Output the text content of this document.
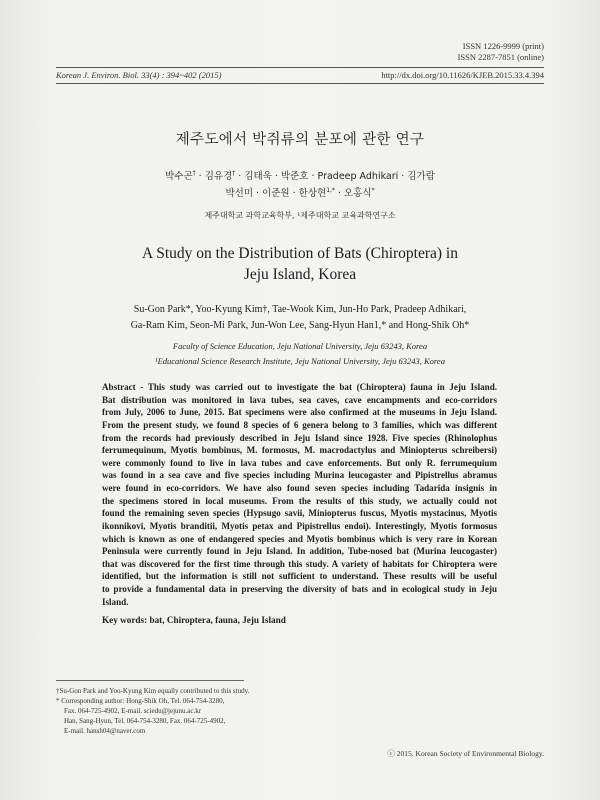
ISSN 1226-9999 (print)
ISSN 2287-7851 (online)
Korean J. Environ. Biol. 33(4) : 394~402 (2015)	http://dx.doi.org/10.11626/KJEB.2015.33.4.394
제주도에서 박쥐류의 분포에 관한 연구
박수곤† · 김유경† · 김태욱 · 박준호 · Pradeep Adhikari · 김가람
박선미 · 이준원 · 한상현$^{1,*}$ · 오홍식*
제주대학교 과학교육학부, ¹제주대학교 교육과학연구소
A Study on the Distribution of Bats (Chiroptera) in
Jeju Island, Korea
Su-Gon Park*, Yoo-Kyung Kim†, Tae-Wook Kim, Jun-Ho Park, Pradeep Adhikari,
Ga-Ram Kim, Seon-Mi Park, Jun-Won Lee, Sang-Hyun Han1,* and Hong-Shik Oh*
Faculty of Science Education, Jeju National University, Jeju 63243, Korea
¹Educational Science Research Institute, Jeju National University, Jeju 63243, Korea
Abstract - This study was carried out to investigate the bat (Chiroptera) fauna in Jeju Island.
Bat distribution was monitored in lava tubes, sea caves, cave encampments and eco-corridors
from July, 2006 to June, 2015. Bat specimens were also confirmed at the museums in Jeju Island.
From the present study, we found 8 species of 6 genera belong to 3 families, which was different
from the records had previously described in Jeju Island since 1928. Five species (Rhinolophus
ferrumequinum, Myotis bombinus, M. formosus, M. macrodactylus and Miniopterus schreibersi)
were commonly found to live in lava tubes and cave enforcements. But only R. ferrumequium
was found in a sea cave and five species including Murina leucogaster and Pipistrellus abramus
were found in eco-corridors. We have also found seven species including Tadarida insignis in
the specimens stored in local museums. From the results of this study, we actually could not
found the remaining seven species (Hypsugo savii, Miniopterus fuscus, Myotis mystacinus, Myotis
ikonnikovi, Myotis branditii, Myotis petax and Pipistrellus endoi). Interestingly, Myotis formosus
which is known as one of endangered species and Myotis bombinus which is very rare in Korean
Peninsula were currently found in Jeju Island. In addition, Tube-nosed bat (Murina leucogaster)
that was discovered for the first time through this study. A variety of habitats for Chiroptera were
identified, but the information is still not sufficient to understand. These results will be useful
to provide a fundamental data in preserving the diversity of bats and in ecological study in Jeju
Island.
Key words: bat, Chiroptera, fauna, Jeju Island
†Su-Gon Park and Yoo-Kyung Kim equally contributed to this study.
* Corresponding author: Hong-Shik Oh, Tel. 064-754-3280,
Fax. 064-725-4902, E-mail. sciedu@jejunu.ac.kr
Han, Sang-Hyun, Tel. 064-754-3280, Fax. 064-725-4902,
E-mail. hansh04@naver.com
ⓒ 2015. Korean Society of Environmental Biology.
